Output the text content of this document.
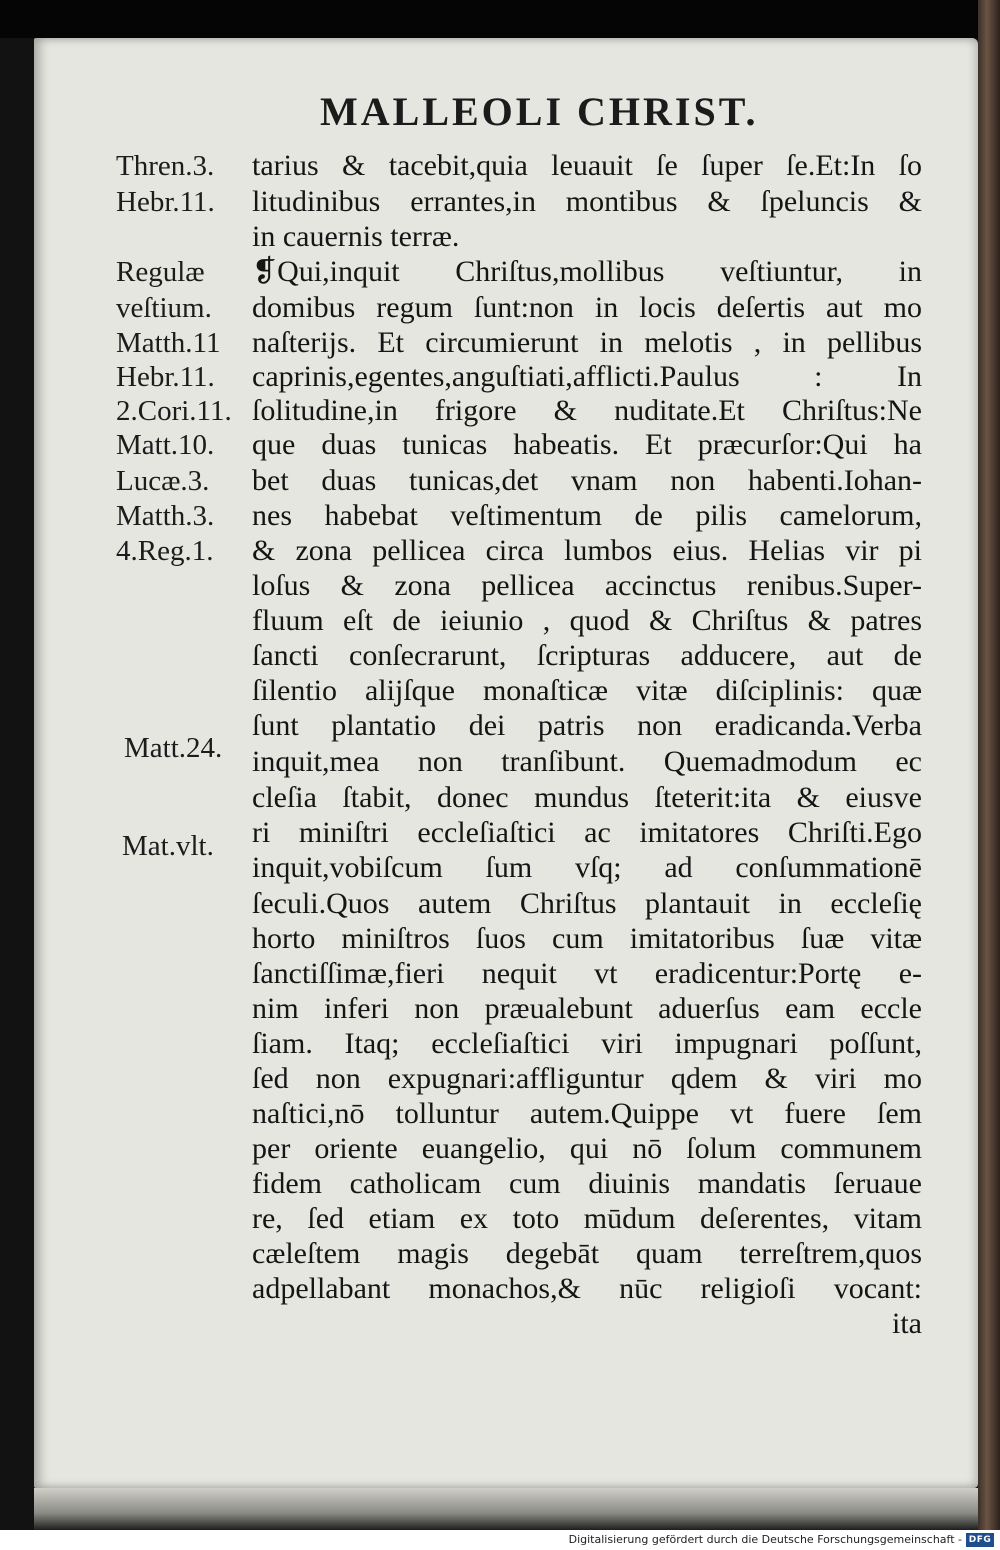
MALLEOLI CHRIST.
Thren.3.
Hebr.11.
Regulæ
veſtium.
Matth.11
Hebr.11.
2.Cori.11.
Matt.10.
Lucæ.3.
Matth.3.
4.Reg.1.
Matt.24.
Mat.vlt.
tarius & tacebit,quia leuauit ſe ſuper ſe.Et:In ſo
litudinibus errantes,in montibus & ſpeluncis &
in cauernis terræ.
❡Qui,inquit Chriſtus,mollibus veſtiuntur, in
domibus regum ſunt:non in locis deſertis aut mo
naſterijs. Et circumierunt in melotis , in pellibus
caprinis,egentes,anguſtiati,afflicti.Paulus : In
ſolitudine,in frigore & nuditate.Et Chriſtus:Ne
que duas tunicas habeatis. Et præcurſor:Qui ha
bet duas tunicas,det vnam non habenti.Iohan-
nes habebat veſtimentum de pilis camelorum,
& zona pellicea circa lumbos eius. Helias vir pi
loſus & zona pellicea accinctus renibus.Super-
fluum eſt de ieiunio , quod & Chriſtus & patres
ſancti conſecrarunt, ſcripturas adducere, aut de
ſilentio alijſque monaſticæ vitæ diſciplinis: quæ
ſunt plantatio dei patris non eradicanda.Verba
inquit,mea non tranſibunt. Quemadmodum ec
cleſia ſtabit, donec mundus ſteterit:ita & eiusve
ri miniſtri eccleſiaſtici ac imitatores Chriſti.Ego
inquit,vobiſcum ſum vſq; ad conſummationē
ſeculi.Quos autem Chriſtus plantauit in eccleſię
horto miniſtros ſuos cum imitatoribus ſuæ vitæ
ſanctiſſimæ,fieri nequit vt eradicentur:Portę e-
nim inferi non præualebunt aduerſus eam eccle
ſiam. Itaq; eccleſiaſtici viri impugnari poſſunt,
ſed non expugnari:affliguntur qdem & viri mo
naſtici,nō tolluntur autem.Quippe vt fuere ſem
per oriente euangelio, qui nō ſolum communem
fidem catholicam cum diuinis mandatis ſeruaue
re, ſed etiam ex toto mūdum deſerentes, vitam
cæleſtem magis degebāt quam terreſtrem,quos
adpellabant monachos,& nūc religioſi vocant:
ita
Digitalisierung gefördert durch die Deutsche Forschungsgemeinschaft - DFG
